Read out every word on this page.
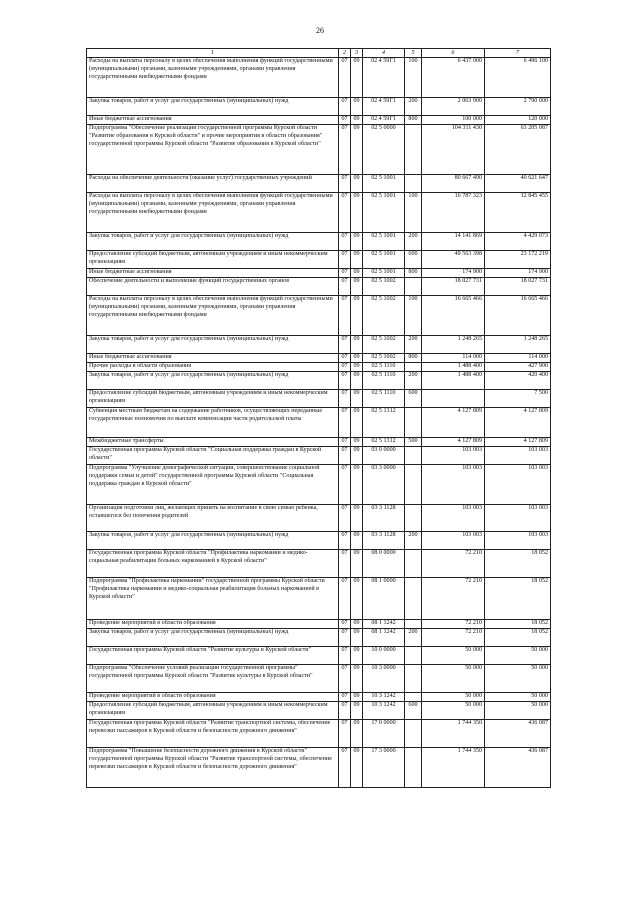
26
1	2	3	4	5	6	7
Расходы на выплаты персоналу в целях обеспечения выполнения функций государственными (муниципальными) органами, казенными учреждениями, органами управления государственными внебюджетными фондами	07	09	02 4 59Г1	100	6 437 000	6 496 100
Закупка товаров, работ и услуг для государственных (муниципальных) нужд	07	09	02 4 59Г1	200	2 063 900	2 790 000
Иные бюджетные ассигнования	07	09	02 4 59Г1	800	100 000	120 000
Подпрограмма "Обеспечение реализации государственной программы Курской области "Развитие образования в Курской области" и прочие мероприятия в области образования" государственной программы Курской области "Развитие образования в Курской области"	07	09	02 5 0000		104 311 430	63 205 087
Расходы на обеспечение деятельности (оказание услуг) государственных учреждений	07	09	02 5 1001		80 667 490	40 621 647
Расходы на выплаты персоналу в целях обеспечения выполнения функций государственными (муниципальными) органами, казенными учреждениями, органами управления государственными внебюджетными фондами	07	09	02 5 1001	100	16 787 323	12 845 455
Закупка товаров, работ и услуг для государственных (муниципальных) нужд	07	09	02 5 1001	200	14 141 869	4 429 073
Предоставление субсидий бюджетным, автономным учреждениям и иным некоммерческим организациям	07	09	02 5 1001	600	49 563 398	23 172 219
Иные бюджетные ассигнования	07	09	02 5 1001	800	174 900	174 900
Обеспечение деятельности и выполнение функций государственных органов	07	09	02 5 1002		18 027 731	18 027 731
Расходы на выплаты персоналу в целях обеспечения выполнения функций государственными (муниципальными) органами, казенными учреждениями, органами управления государственными внебюджетными фондами	07	09	02 5 1002	100	16 665 466	16 665 466
Закупка товаров, работ и услуг для государственных (муниципальных) нужд	07	09	02 5 1002	200	1 248 265	1 248 265
Иные бюджетные ассигнования	07	09	02 5 1002	800	114 000	114 000
Прочие расходы в области образования	07	09	02 5 1110		1 488 400	427 900
Закупка товаров, работ и услуг для государственных (муниципальных) нужд	07	09	02 5 1110	200	1 488 400	420 400
Предоставление субсидий бюджетным, автономным учреждениям и иным некоммерческим организациям	07	09	02 5 1110	600		7 500
Субвенция местным бюджетам на содержание работников, осуществляющих переданные государственные полномочия по выплате компенсации части родительской платы	07	09	02 5 1312		4 127 809	4 127 809
Межбюджетные трансферты	07	09	02 5 1312	500	4 127 809	4 127 809
Государственная программа Курской области "Социальная поддержка граждан в Курской области"	07	09	03 0 0000		103 003	103 003
Подпрограмма "Улучшение демографической ситуации, совершенствование социальной поддержки семьи и детей" государственной программы Курской области "Социальная поддержка граждан в Курской области"	07	09	03 3 0000		103 003	103 003
Организация подготовки лиц, желающих принять на воспитание в свою семью ребенка, оставшегося без попечения родителей	07	09	03 3 1128		103 003	103 003
Закупка товаров, работ и услуг для государственных (муниципальных) нужд	07	09	03 3 1128	200	103 003	103 003
Государственная программа Курской области "Профилактика наркомании и медико-социальная реабилитация больных наркоманией в Курской области"	07	09	08 0 0000		72 210	18 052
Подпрограмма "Профилактика наркомании" государственной программы Курской области "Профилактика наркомании и медико-социальная реабилитация больных наркоманией в Курской области"	07	09	08 1 0000		72 210	18 052
Проведение мероприятий в области образования	07	09	08 1 1242		72 210	18 052
Закупка товаров, работ и услуг для государственных (муниципальных) нужд	07	09	08 1 1242	200	72 210	18 052
Государственная программа Курской области "Развитие культуры в Курской области"	07	09	10 0 0000		50 000	50 000
Подпрограмма "Обеспечение условий реализации государственной программы" государственной программы Курской области "Развитие культуры в Курской области"	07	09	10 3 0000		50 000	50 000
Проведение мероприятий в области образования	07	09	10 3 1242		50 000	50 000
Предоставление субсидий бюджетным, автономным учреждениям и иным некоммерческим организациям	07	09	10 3 1242	600	50 000	50 000
Государственная программа Курской области "Развитие транспортной системы, обеспечение перевозки пассажиров в Курской области и безопасности дорожного движения"	07	09	17 0 0000		1 744 350	436 087
Подпрограмма "Повышение безопасности дорожного движения в Курской области" государственной программы Курской области "Развитие транспортной системы, обеспечение перевозки пассажиров в Курской области и безопасности дорожного движения"	07	09	17 3 0000		1 744 350	436 087
